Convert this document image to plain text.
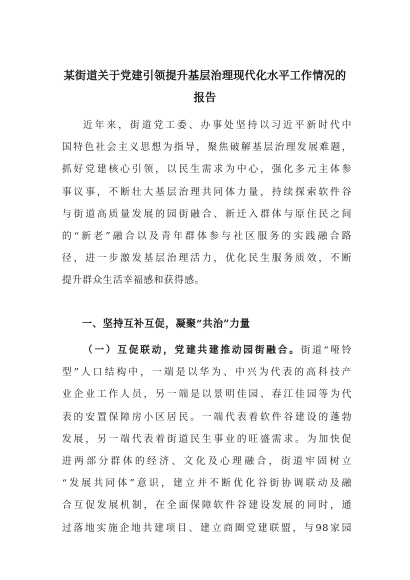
某街道关于党建引领提升基层治理现代化水平工作情况的
报告

近年来，街道党工委、办事处坚持以习近平新时代中

国特色社会主义思想为指导，聚焦破解基层治理发展难题，

抓好党建核心引领，以民生需求为中心，强化多元主体参

事议事，不断壮大基层治理共同体力量，持续探索软件谷

与街道高质量发展的园街融合、新迁入群体与原住民之间

的“新老”融合以及青年群体参与社区服务的实践融合路

径，进一步激发基层治理活力，优化民生服务质效，不断

提升群众生活幸福感和获得感。

一、坚持互补互促，凝聚“共治”力量

（一）互促联动，党建共建推动园街融合。街道“哑铃

型”人口结构中，一端是以华为、中兴为代表的高科技产

业企业工作人员，另一端是以景明佳园、春江佳园等为代

表的安置保障房小区居民。一端代表着软件谷建设的蓬勃

发展，另一端代表着街道民生事业的旺盛需求。为加快促

进两部分群体的经济、文化及心理融合，街道牢固树立

“发展共同体”意识，建立并不断优化谷街协调联动及融

合互促发展机制，在全面保障软件谷建设发展的同时，通

过落地实施企地共建项目、建立商圈党建联盟，与98家园
